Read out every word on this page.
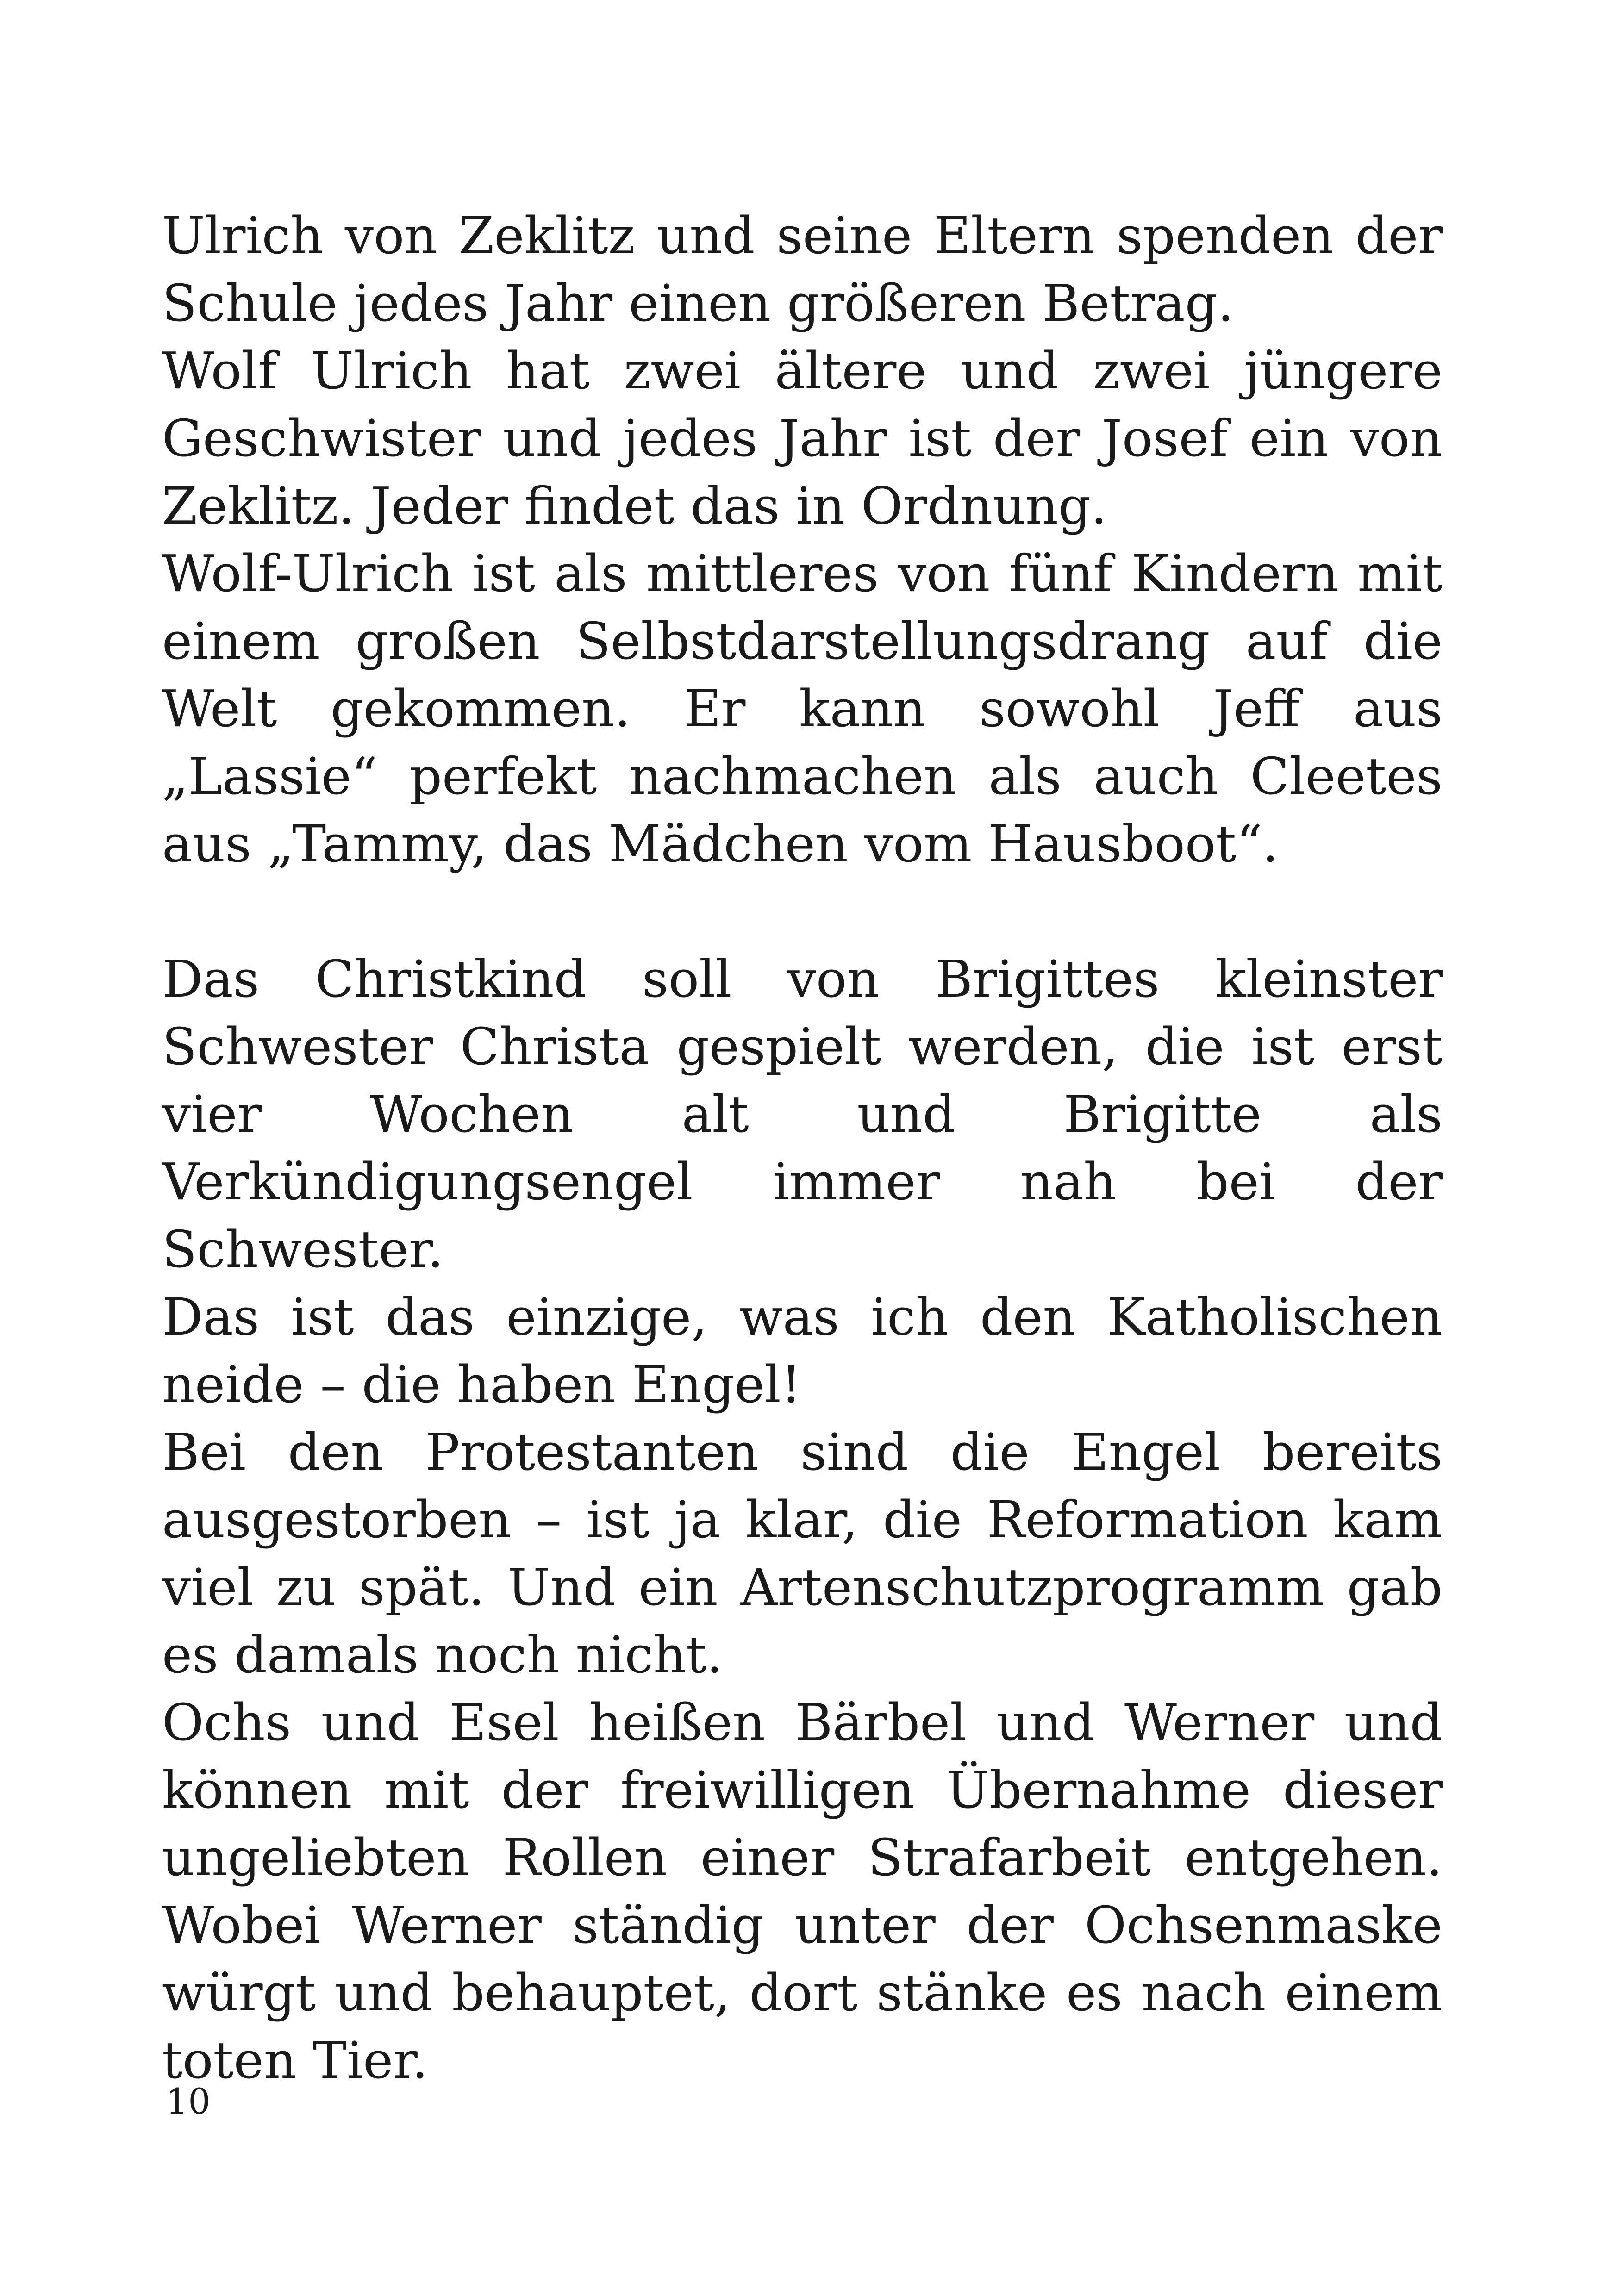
Ulrich von Zeklitz und seine Eltern spenden der Schule jedes Jahr einen größeren Betrag.

Wolf Ulrich hat zwei ältere und zwei jüngere Geschwister und jedes Jahr ist der Josef ein von Zeklitz. Jeder findet das in Ordnung.

Wolf-Ulrich ist als mittleres von fünf Kindern mit einem großen Selbstdarstellungsdrang auf die Welt gekommen. Er kann sowohl Jeff aus „Lassie“ perfekt nachmachen als auch Cleetes aus „Tammy, das Mädchen vom Hausboot“.

Das Christkind soll von Brigittes kleinster Schwester Christa gespielt werden, die ist erst vier Wochen alt und Brigitte als Verkündigungsengel immer nah bei der Schwester.

Das ist das einzige, was ich den Katholischen neide – die haben Engel!

Bei den Protestanten sind die Engel bereits ausgestorben – ist ja klar, die Reformation kam viel zu spät. Und ein Artenschutzprogramm gab es damals noch nicht.

Ochs und Esel heißen Bärbel und Werner und können mit der freiwilligen Übernahme dieser ungeliebten Rollen einer Strafarbeit entgehen. Wobei Werner ständig unter der Ochsenmaske würgt und behauptet, dort stänke es nach einem toten Tier.

10
